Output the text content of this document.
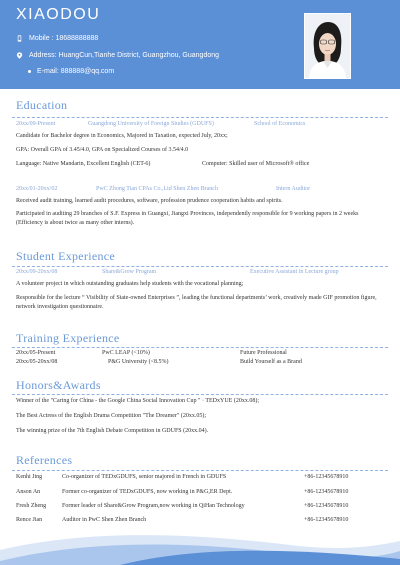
XIAODOU
Mobile : 18688888888
Address: HuangCun,Tianhe District, Guangzhou, Guangdong
E-mail: 888888@qq.com
Education
20xx/09-Present	Guangdong University of Foreign Studies (GDUFS)	School of Economics
Candidate for Bachelor degree in Economics, Majored in Taxation, expected July, 20xx;
GPA: Overall GPA of 3.45/4.0, GPA on Specialized Courses of 3.54/4.0
Language: Native Mandarin, Excellent English (CET-6)	Computer: Skilled user of Microsoft® office
20xx/01-20xx/02	PwC Zhong Tian CPAs Co.,Ltd Shen Zhen Branch	Intern Auditor
Received audit training, learned audit procedures, software, profession prudence cooperation habits and spirits.
Participated in auditing 29 branches of S.F. Express in Guangxi, Jiangxi Provinces, independently responsible for 9 working papers in 2 weeks (Efficiency is about twice as many other interns).
Student Experience
20xx/09-20xx/08	Share&Grow Program	Executive Assistant in Lecture group
A volunteer project in which outstanding graduates help students with the vocational planning;
Responsible for the lecture “ Visibility of State-owned Enterprises ”, leading the functional departments’ work, creatively made GIF promotion figure, network investigation questionnaire.
Training Experience
20xx/05-Present	PwC LEAP (<10%)	Future Professional
20xx/05-20xx/08	P&G University (<8.5%)	Build Yourself as a Brand
Honors&Awards
Winner of the "Caring for China - the Google China Social Innovation Cup " · TEDxYUE (20xx.08);
The Best Actress of the English Drama Competition "The Dreamer" (20xx.05);
The winning prize of the 7th English Debate Competition in GDUFS (20xx.04).
References
Kenhi Jing	Co-organizer of TEDxGDUFS, senior majored in French in GDUFS	+86-12345678910
Anson An	Former co-organizer of TEDxGDUFS, now working in P&G,ER Dept.	+86-12345678910
Fresh Zheng	Former leader of Share&Grow Program,now working in QiHan Technology	+86-12345678910
Rence Jian	Auditor in PwC Shen Zhen Branch	+86-12345678910
